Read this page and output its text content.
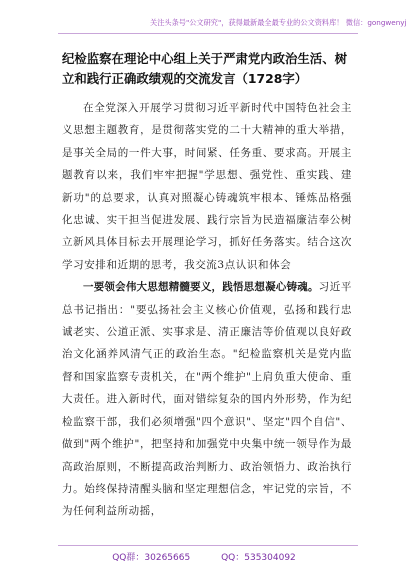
关注头条号"公文研究"，获得最新最全最专业的公文资料库！ 微信：gongwenyj
纪检监察在理论中心组上关于严肃党内政治生活、树立和践行正确政绩观的交流发言（1728字）

在全党深入开展学习贯彻习近平新时代中国特色社会主义思想主题教育，是贯彻落实党的二十大精神的重大举措，是事关全局的一件大事，时间紧、任务重、要求高。开展主题教育以来，我们牢牢把握"学思想、强党性、重实践、建新功"的总要求，认真对照凝心铸魂筑牢根本、锤炼品格强化忠诚、实干担当促进发展、践行宗旨为民造福廉洁奉公树立新风具体目标去开展理论学习，抓好任务落实。结合这次学习安排和近期的思考，我交流3点认识和体会

一要领会伟大思想精髓要义，践悟思想凝心铸魂。习近平总书记指出："要弘扬社会主义核心价值观，弘扬和践行忠诚老实、公道正派、实事求是、清正廉洁等价值观以良好政治文化涵养风清气正的政治生态。"纪检监察机关是党内监督和国家监察专责机关，在"两个维护"上肩负重大使命、重大责任。进入新时代，面对错综复杂的国内外形势，作为纪检监察干部，我们必须增强"四个意识"、坚定"四个自信"、做到"两个维护"，把坚持和加强党中央集中统一领导作为最高政治原则，不断提高政治判断力、政治领悟力、政治执行力。始终保持清醒头脑和坚定理想信念，牢记党的宗旨，不为任何利益所动摇，

QQ群：30265665	QQ：535304092
